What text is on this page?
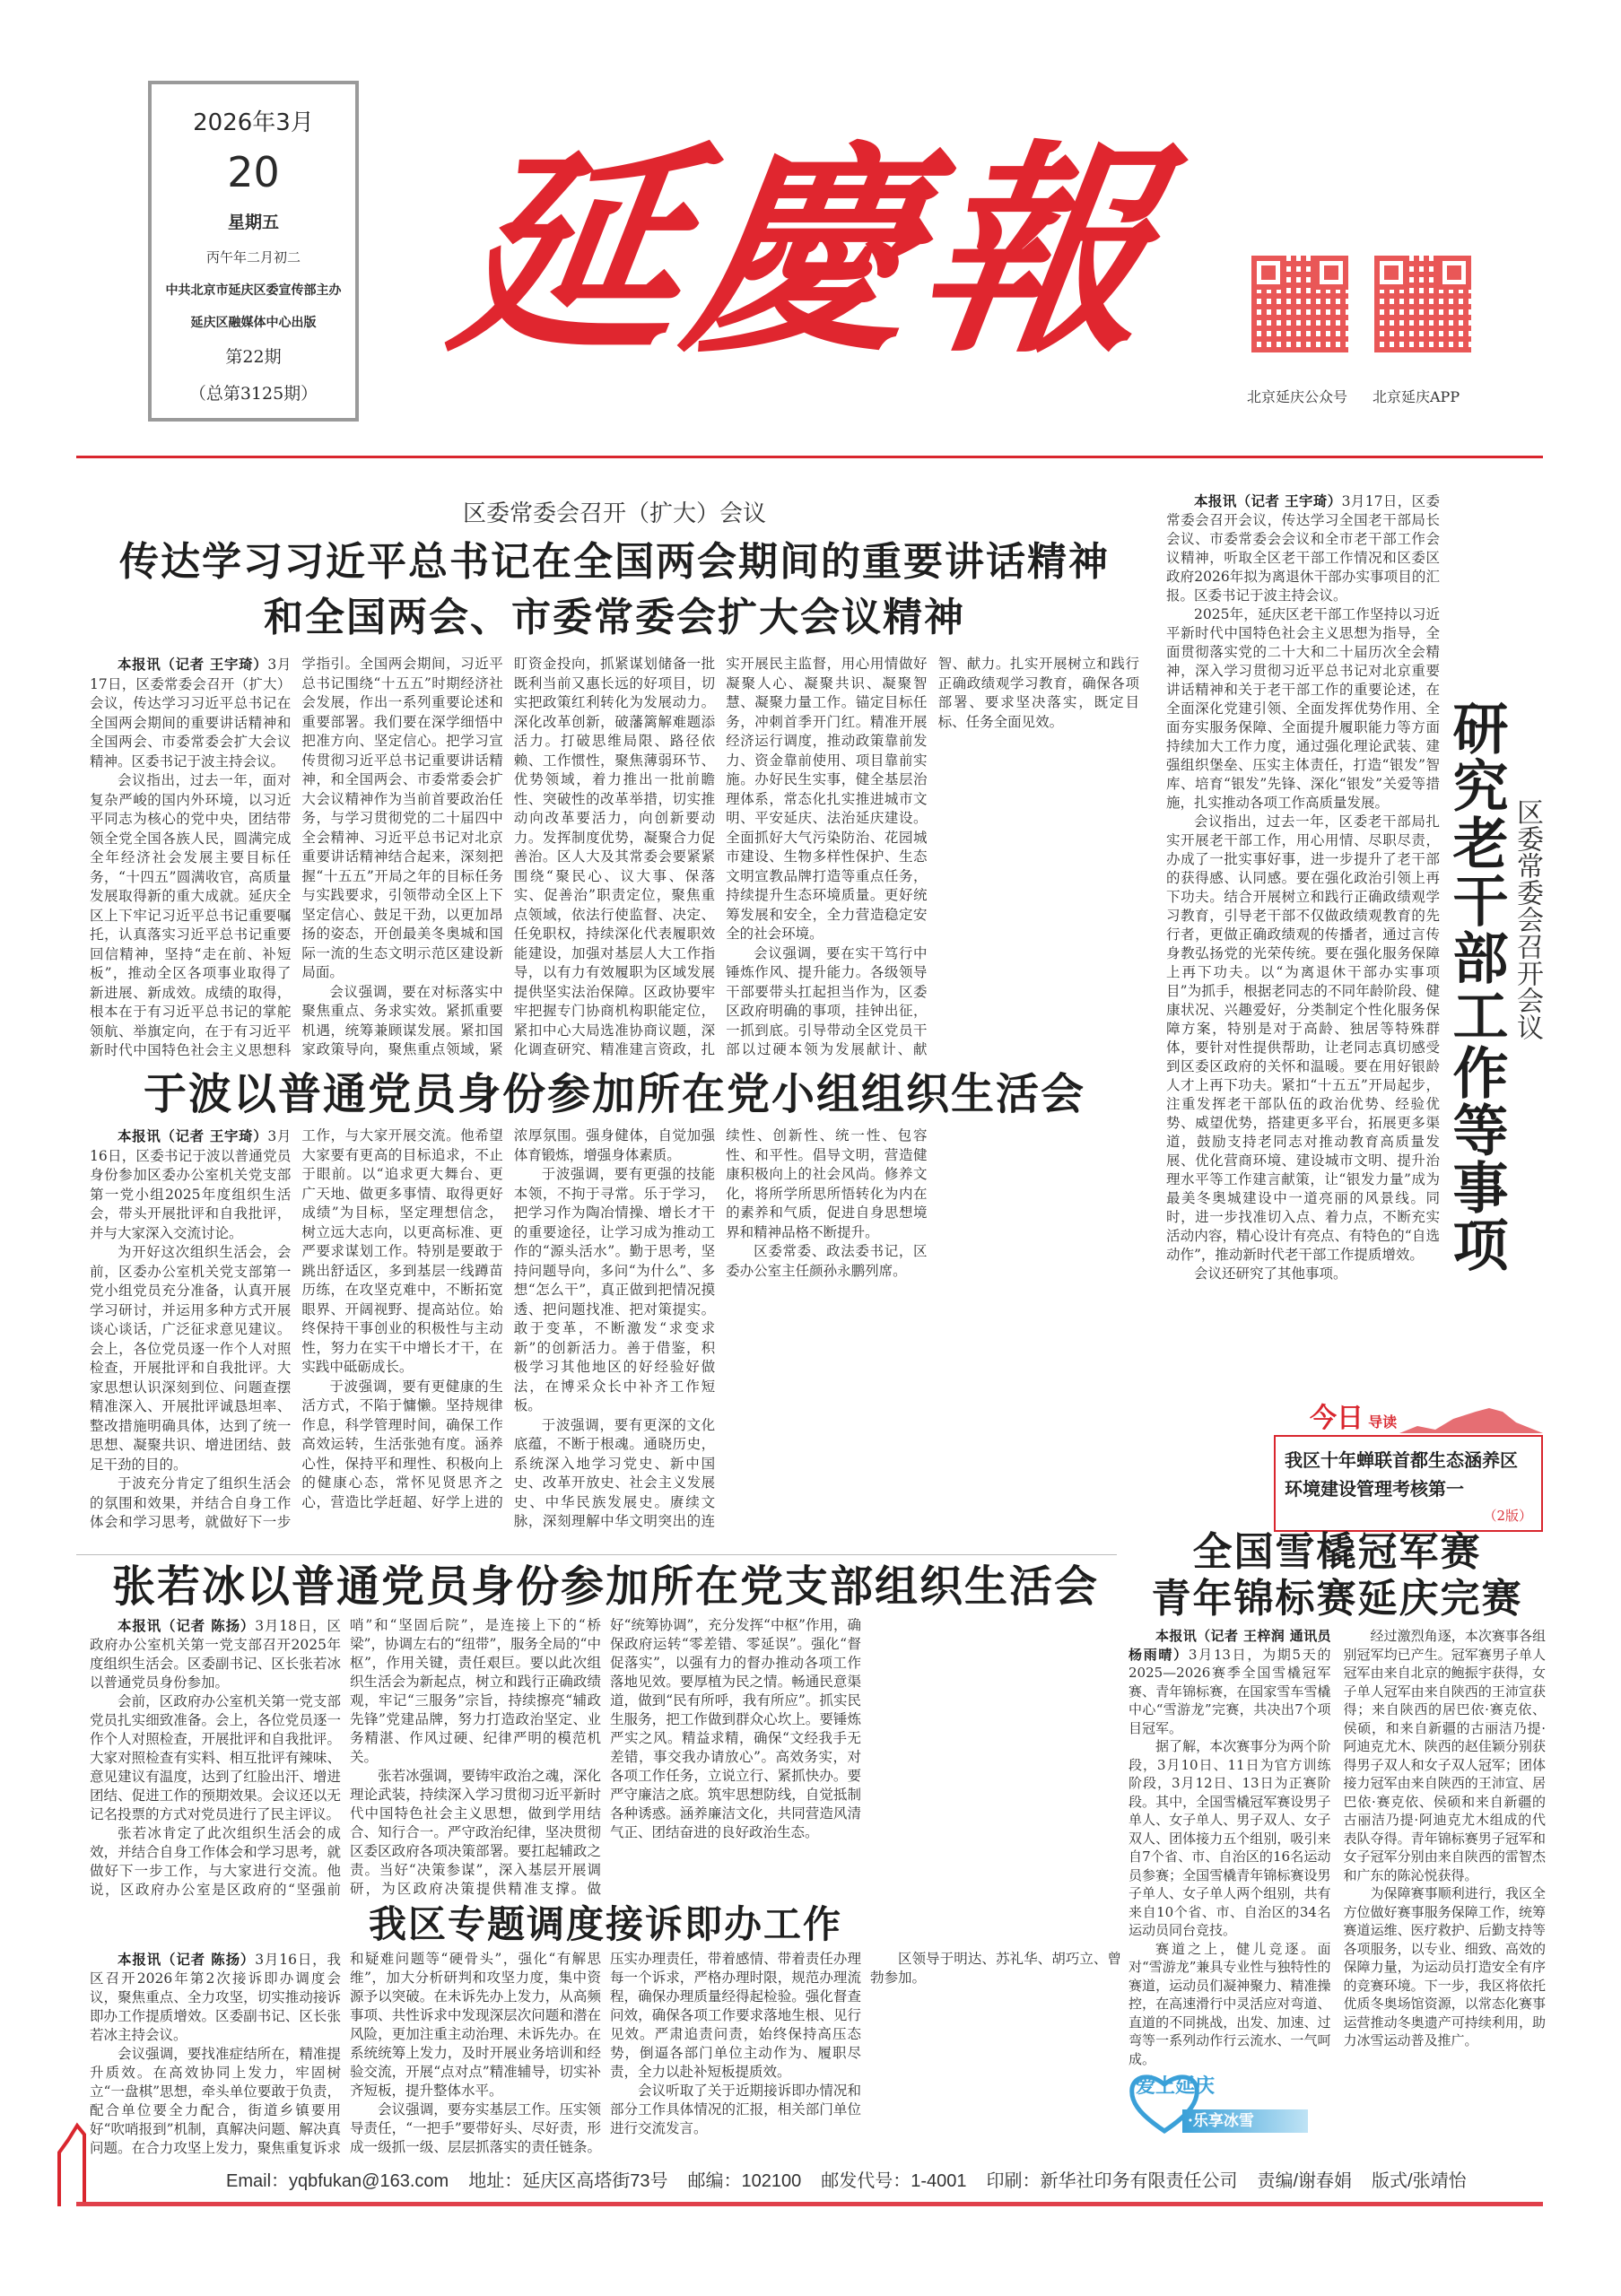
2026年3月
20
星期五
丙午年二月初二
中共北京市延庆区委宣传部主办
延庆区融媒体中心出版
第22期
（总第3125期）
延慶報
北京延庆公众号 北京延庆APP
区委常委会召开（扩大）会议
传达学习习近平总书记在全国两会期间的重要讲话精神
和全国两会、市委常委会扩大会议精神

本报讯（记者 王宇琦）3月17日，区委常委会召开（扩大）会议，传达学习习近平总书记在全国两会期间的重要讲话精神和全国两会、市委常委会扩大会议精神。区委书记于波主持会议。

会议指出，过去一年，面对复杂严峻的国内外环境，以习近平同志为核心的党中央，团结带领全党全国各族人民，圆满完成全年经济社会发展主要目标任务，“十四五”圆满收官，高质量发展取得新的重大成就。延庆全区上下牢记习近平总书记重要嘱托，认真落实习近平总书记重要回信精神，坚持“走在前、补短板”，推动全区各项事业取得了新进展、新成效。成绩的取得，根本在于有习近平总书记的掌舵领航、举旗定向，在于有习近平新时代中国特色社会主义思想科学指引。全国两会期间，习近平总书记围绕“十五五”时期经济社会发展，作出一系列重要论述和重要部署。我们要在深学细悟中把准方向、坚定信心。把学习宣传贯彻习近平总书记重要讲话精神，和全国两会、市委常委会扩大会议精神作为当前首要政治任务，与学习贯彻党的二十届四中全会精神、习近平总书记对北京重要讲话精神结合起来，深刻把握“十五五”开局之年的目标任务与实践要求，引领带动全区上下坚定信心、鼓足干劲，以更加昂扬的姿态，开创最美冬奥城和国际一流的生态文明示范区建设新局面。

会议强调，要在对标落实中聚焦重点、务求实效。紧抓重要机遇，统筹兼顾谋发展。紧扣国家政策导向，聚焦重点领域，紧盯资金投向，抓紧谋划储备一批既利当前又惠长远的好项目，切实把政策红利转化为发展动力。深化改革创新，破藩篱解难题添活力。打破思维局限、路径依赖、工作惯性，聚焦薄弱环节、优势领域，着力推出一批前瞻性、突破性的改革举措，切实推动向改革要活力，向创新要动力。发挥制度优势，凝聚合力促善治。区人大及其常委会要紧紧围绕“聚民心、议大事、保落实、促善治”职责定位，聚焦重点领域，依法行使监督、决定、任免职权，持续深化代表履职效能建设，加强对基层人大工作指导，以有力有效履职为区域发展提供坚实法治保障。区政协要牢牢把握专门协商机构职能定位，紧扣中心大局选准协商议题，深化调查研究、精准建言资政，扎实开展民主监督，用心用情做好凝聚人心、凝聚共识、凝聚智慧、凝聚力量工作。锚定目标任务，冲刺首季开门红。精准开展经济运行调度，推动政策靠前发力、资金靠前使用、项目靠前实施。办好民生实事，健全基层治理体系，常态化扎实推进城市文明、平安延庆、法治延庆建设。全面抓好大气污染防治、花园城市建设、生物多样性保护、生态文明宣教品牌打造等重点任务，持续提升生态环境质量。更好统筹发展和安全，全力营造稳定安全的社会环境。

会议强调，要在实干笃行中锤炼作风、提升能力。各级领导干部要带头扛起担当作为，区委区政府明确的事项，挂钟出征，一抓到底。引导带动全区党员干部以过硬本领为发展献计、献智、献力。扎实开展树立和践行正确政绩观学习教育，确保各项部署、要求坚决落实，既定目标、任务全面见效。

本报讯（记者 王宇琦）3月17日，区委常委会召开会议，传达学习全国老干部局长会议、市委常委会会议和全市老干部工作会议精神，听取全区老干部工作情况和区委区政府2026年拟为离退休干部办实事项目的汇报。区委书记于波主持会议。

2025年，延庆区老干部工作坚持以习近平新时代中国特色社会主义思想为指导，全面贯彻落实党的二十大和二十届历次全会精神，深入学习贯彻习近平总书记对北京重要讲话精神和关于老干部工作的重要论述，在全面深化党建引领、全面发挥优势作用、全面夯实服务保障、全面提升履职能力等方面持续加大工作力度，通过强化理论武装、建强组织堡垒、压实主体责任，打造“银发”智库、培育“银发”先锋、深化“银发”关爱等措施，扎实推动各项工作高质量发展。

会议指出，过去一年，区委老干部局扎实开展老干部工作，用心用情、尽职尽责，办成了一批实事好事，进一步提升了老干部的获得感、认同感。要在强化政治引领上再下功夫。结合开展树立和践行正确政绩观学习教育，引导老干部不仅做政绩观教育的先行者，更做正确政绩观的传播者，通过言传身教弘扬党的光荣传统。要在强化服务保障上再下功夫。以“为离退休干部办实事项目”为抓手，根据老同志的不同年龄阶段、健康状况、兴趣爱好，分类制定个性化服务保障方案，特别是对于高龄、独居等特殊群体，要针对性提供帮助，让老同志真切感受到区委区政府的关怀和温暖。要在用好银龄人才上再下功夫。紧扣“十五五”开局起步，注重发挥老干部队伍的政治优势、经验优势、威望优势，搭建更多平台，拓展更多渠道，鼓励支持老同志对推动教育高质量发展、优化营商环境、建设城市文明、提升治理水平等工作建言献策，让“银发力量”成为最美冬奥城建设中一道亮丽的风景线。同时，进一步找准切入点、着力点，不断充实活动内容，精心设计有亮点、有特色的“自选动作”，推动新时代老干部工作提质增效。

会议还研究了其他事项。	研究老干部工作等事项 区委常委会召开会议
今日 导读
我区十年蝉联首都生态涵养区
环境建设管理考核第一
（2版）
于波以普通党员身份参加所在党小组组织生活会

本报讯（记者 王宇琦）3月16日，区委书记于波以普通党员身份参加区委办公室机关党支部第一党小组2025年度组织生活会，带头开展批评和自我批评，并与大家深入交流讨论。

为开好这次组织生活会，会前，区委办公室机关党支部第一党小组党员充分准备，认真开展学习研讨，并运用多种方式开展谈心谈话，广泛征求意见建议。会上，各位党员逐一作个人对照检查，开展批评和自我批评。大家思想认识深刻到位、问题查摆精准深入、开展批评诚恳坦率、整改措施明确具体，达到了统一思想、凝聚共识、增进团结、鼓足干劲的目的。

于波充分肯定了组织生活会的氛围和效果，并结合自身工作体会和学习思考，就做好下一步工作，与大家开展交流。他希望大家要有更高的目标追求，不止于眼前。以“追求更大舞台、更广天地、做更多事情、取得更好成绩”为目标，坚定理想信念，树立远大志向，以更高标准、更严要求谋划工作。特别是要敢于跳出舒适区，多到基层一线蹲苗历练，在攻坚克难中，不断拓宽眼界、开阔视野、提高站位。始终保持干事创业的积极性与主动性，努力在实干中增长才干，在实践中砥砺成长。

于波强调，要有更健康的生活方式，不陷于慵懒。坚持规律作息，科学管理时间，确保工作高效运转，生活张弛有度。涵养心性，保持平和理性、积极向上的健康心态，常怀见贤思齐之心，营造比学赶超、好学上进的浓厚氛围。强身健体，自觉加强体育锻炼，增强身体素质。

于波强调，要有更强的技能本领，不拘于寻常。乐于学习，把学习作为陶冶情操、增长才干的重要途径，让学习成为推动工作的“源头活水”。勤于思考，坚持问题导向，多问“为什么”、多想“怎么干”，真正做到把情况摸透、把问题找准、把对策提实。敢于变革，不断激发“求变求新”的创新活力。善于借鉴，积极学习其他地区的好经验好做法，在博采众长中补齐工作短板。

于波强调，要有更深的文化底蕴，不断于根魂。通晓历史，系统深入地学习党史、新中国史、改革开放史、社会主义发展史、中华民族发展史。赓续文脉，深刻理解中华文明突出的连续性、创新性、统一性、包容性、和平性。倡导文明，营造健康积极向上的社会风尚。修养文化，将所学所思所悟转化为内在的素养和气质，促进自身思想境界和精神品格不断提升。

区委常委、政法委书记，区委办公室主任颜孙永鹏列席。

张若冰以普通党员身份参加所在党支部组织生活会

本报讯（记者 陈扬）3月18日，区政府办公室机关第一党支部召开2025年度组织生活会。区委副书记、区长张若冰以普通党员身份参加。

会前，区政府办公室机关第一党支部党员扎实细致准备。会上，各位党员逐一作个人对照检查，开展批评和自我批评。大家对照检查有实料、相互批评有辣味、意见建议有温度，达到了红脸出汗、增进团结、促进工作的预期效果。会议还以无记名投票的方式对党员进行了民主评议。

张若冰肯定了此次组织生活会的成效，并结合自身工作体会和学习思考，就做好下一步工作，与大家进行交流。他说，区政府办公室是区政府的“坚强前哨”和“坚固后院”，是连接上下的“桥梁”，协调左右的“纽带”，服务全局的“中枢”，作用关键，责任艰巨。要以此次组织生活会为新起点，树立和践行正确政绩观，牢记“三服务”宗旨，持续擦亮“辅政先锋”党建品牌，努力打造政治坚定、业务精湛、作风过硬、纪律严明的模范机关。

张若冰强调，要铸牢政治之魂，深化理论武装，持续深入学习贯彻习近平新时代中国特色社会主义思想，做到学用结合、知行合一。严守政治纪律，坚决贯彻区委区政府各项决策部署。要扛起辅政之责。当好“决策参谋”，深入基层开展调研，为区政府决策提供精准支撑。做好“统筹协调”，充分发挥“中枢”作用，确保政府运转“零差错、零延误”。强化“督促落实”，以强有力的督办推动各项工作落地见效。要厚植为民之情。畅通民意渠道，做到“民有所呼，我有所应”。抓实民生服务，把工作做到群众心坎上。要锤炼严实之风。精益求精，确保“文经我手无差错，事交我办请放心”。高效务实，对各项工作任务，立说立行、紧抓快办。要严守廉洁之底。筑牢思想防线，自觉抵制各种诱惑。涵养廉洁文化，共同营造风清气正、团结奋进的良好政治生态。

我区专题调度接诉即办工作

本报讯（记者 陈扬）3月16日，我区召开2026年第2次接诉即办调度会议，聚焦重点、全力攻坚，切实推动接诉即办工作提质增效。区委副书记、区长张若冰主持会议。

会议强调，要找准症结所在，精准提升质效。在高效协同上发力，牢固树立“一盘棋”思想，牵头单位要敢于负责，配合单位要全力配合，街道乡镇要用好“吹哨报到”机制，真解决问题、解决真问题。在合力攻坚上发力，聚焦重复诉求和疑难问题等“硬骨头”，强化“有解思维”，加大分析研判和攻坚力度，集中资源予以突破。在未诉先办上发力，从高频事项、共性诉求中发现深层次问题和潜在风险，更加注重主动治理、未诉先办。在系统统筹上发力，及时开展业务培训和经验交流，开展“点对点”精准辅导，切实补齐短板，提升整体水平。

会议强调，要夯实基层工作。压实领导责任，“一把手”要带好头、尽好责，形成一级抓一级、层层抓落实的责任链条。压实办理责任，带着感情、带着责任办理每一个诉求，严格办理时限，规范办理流程，确保办理质量经得起检验。强化督查问效，确保各项工作要求落地生根、见行见效。严肃追责问责，始终保持高压态势，倒逼各部门单位主动作为、履职尽责，全力以赴补短板提质效。

会议听取了关于近期接诉即办情况和部分工作具体情况的汇报，相关部门单位进行交流发言。

区领导于明达、苏礼华、胡巧立、曾勃参加。

全国雪橇冠军赛
青年锦标赛延庆完赛

本报讯（记者 王梓润 通讯员 杨雨晴）3月13日，为期5天的2025—2026赛季全国雪橇冠军赛、青年锦标赛，在国家雪车雪橇中心“雪游龙”完赛，共决出7个项目冠军。

据了解，本次赛事分为两个阶段，3月10日、11日为官方训练阶段，3月12日、13日为正赛阶段。其中，全国雪橇冠军赛设男子单人、女子单人、男子双人、女子双人、团体接力五个组别，吸引来自7个省、市、自治区的16名运动员参赛；全国雪橇青年锦标赛设男子单人、女子单人两个组别，共有来自10个省、市、自治区的34名运动员同台竞技。

赛道之上，健儿竞逐。面对“雪游龙”兼具专业性与独特性的赛道，运动员们凝神聚力、精准操控，在高速滑行中灵活应对弯道、直道的不同挑战，出发、加速、过弯等一系列动作行云流水、一气呵成。

爱上延庆
·乐享冰雪

经过激烈角逐，本次赛事各组别冠军均已产生。冠军赛男子单人冠军由来自北京的鲍振宇获得，女子单人冠军由来自陕西的王沛宣获得；来自陕西的居巴依·赛克依、侯硕，和来自新疆的古丽洁乃提·阿迪克尤木、陕西的赵佳颖分别获得男子双人和女子双人冠军；团体接力冠军由来自陕西的王沛宣、居巴依·赛克依、侯硕和来自新疆的古丽洁乃提·阿迪克尤木组成的代表队夺得。青年锦标赛男子冠军和女子冠军分别由来自陕西的雷智杰和广东的陈沁悦获得。

为保障赛事顺利进行，我区全方位做好赛事服务保障工作，统筹赛道运维、医疗救护、后勤支持等各项服务，以专业、细致、高效的保障力量，为运动员打造安全有序的竞赛环境。下一步，我区将依托优质冬奥场馆资源，以常态化赛事运营推动冬奥遗产可持续利用，助力冰雪运动普及推广。

Email：yqbfukan@163.com 地址：延庆区高塔街73号 邮编：102100 邮发代号：1-4001 印刷：新华社印务有限责任公司 责编/谢春娟 版式/张靖怡
